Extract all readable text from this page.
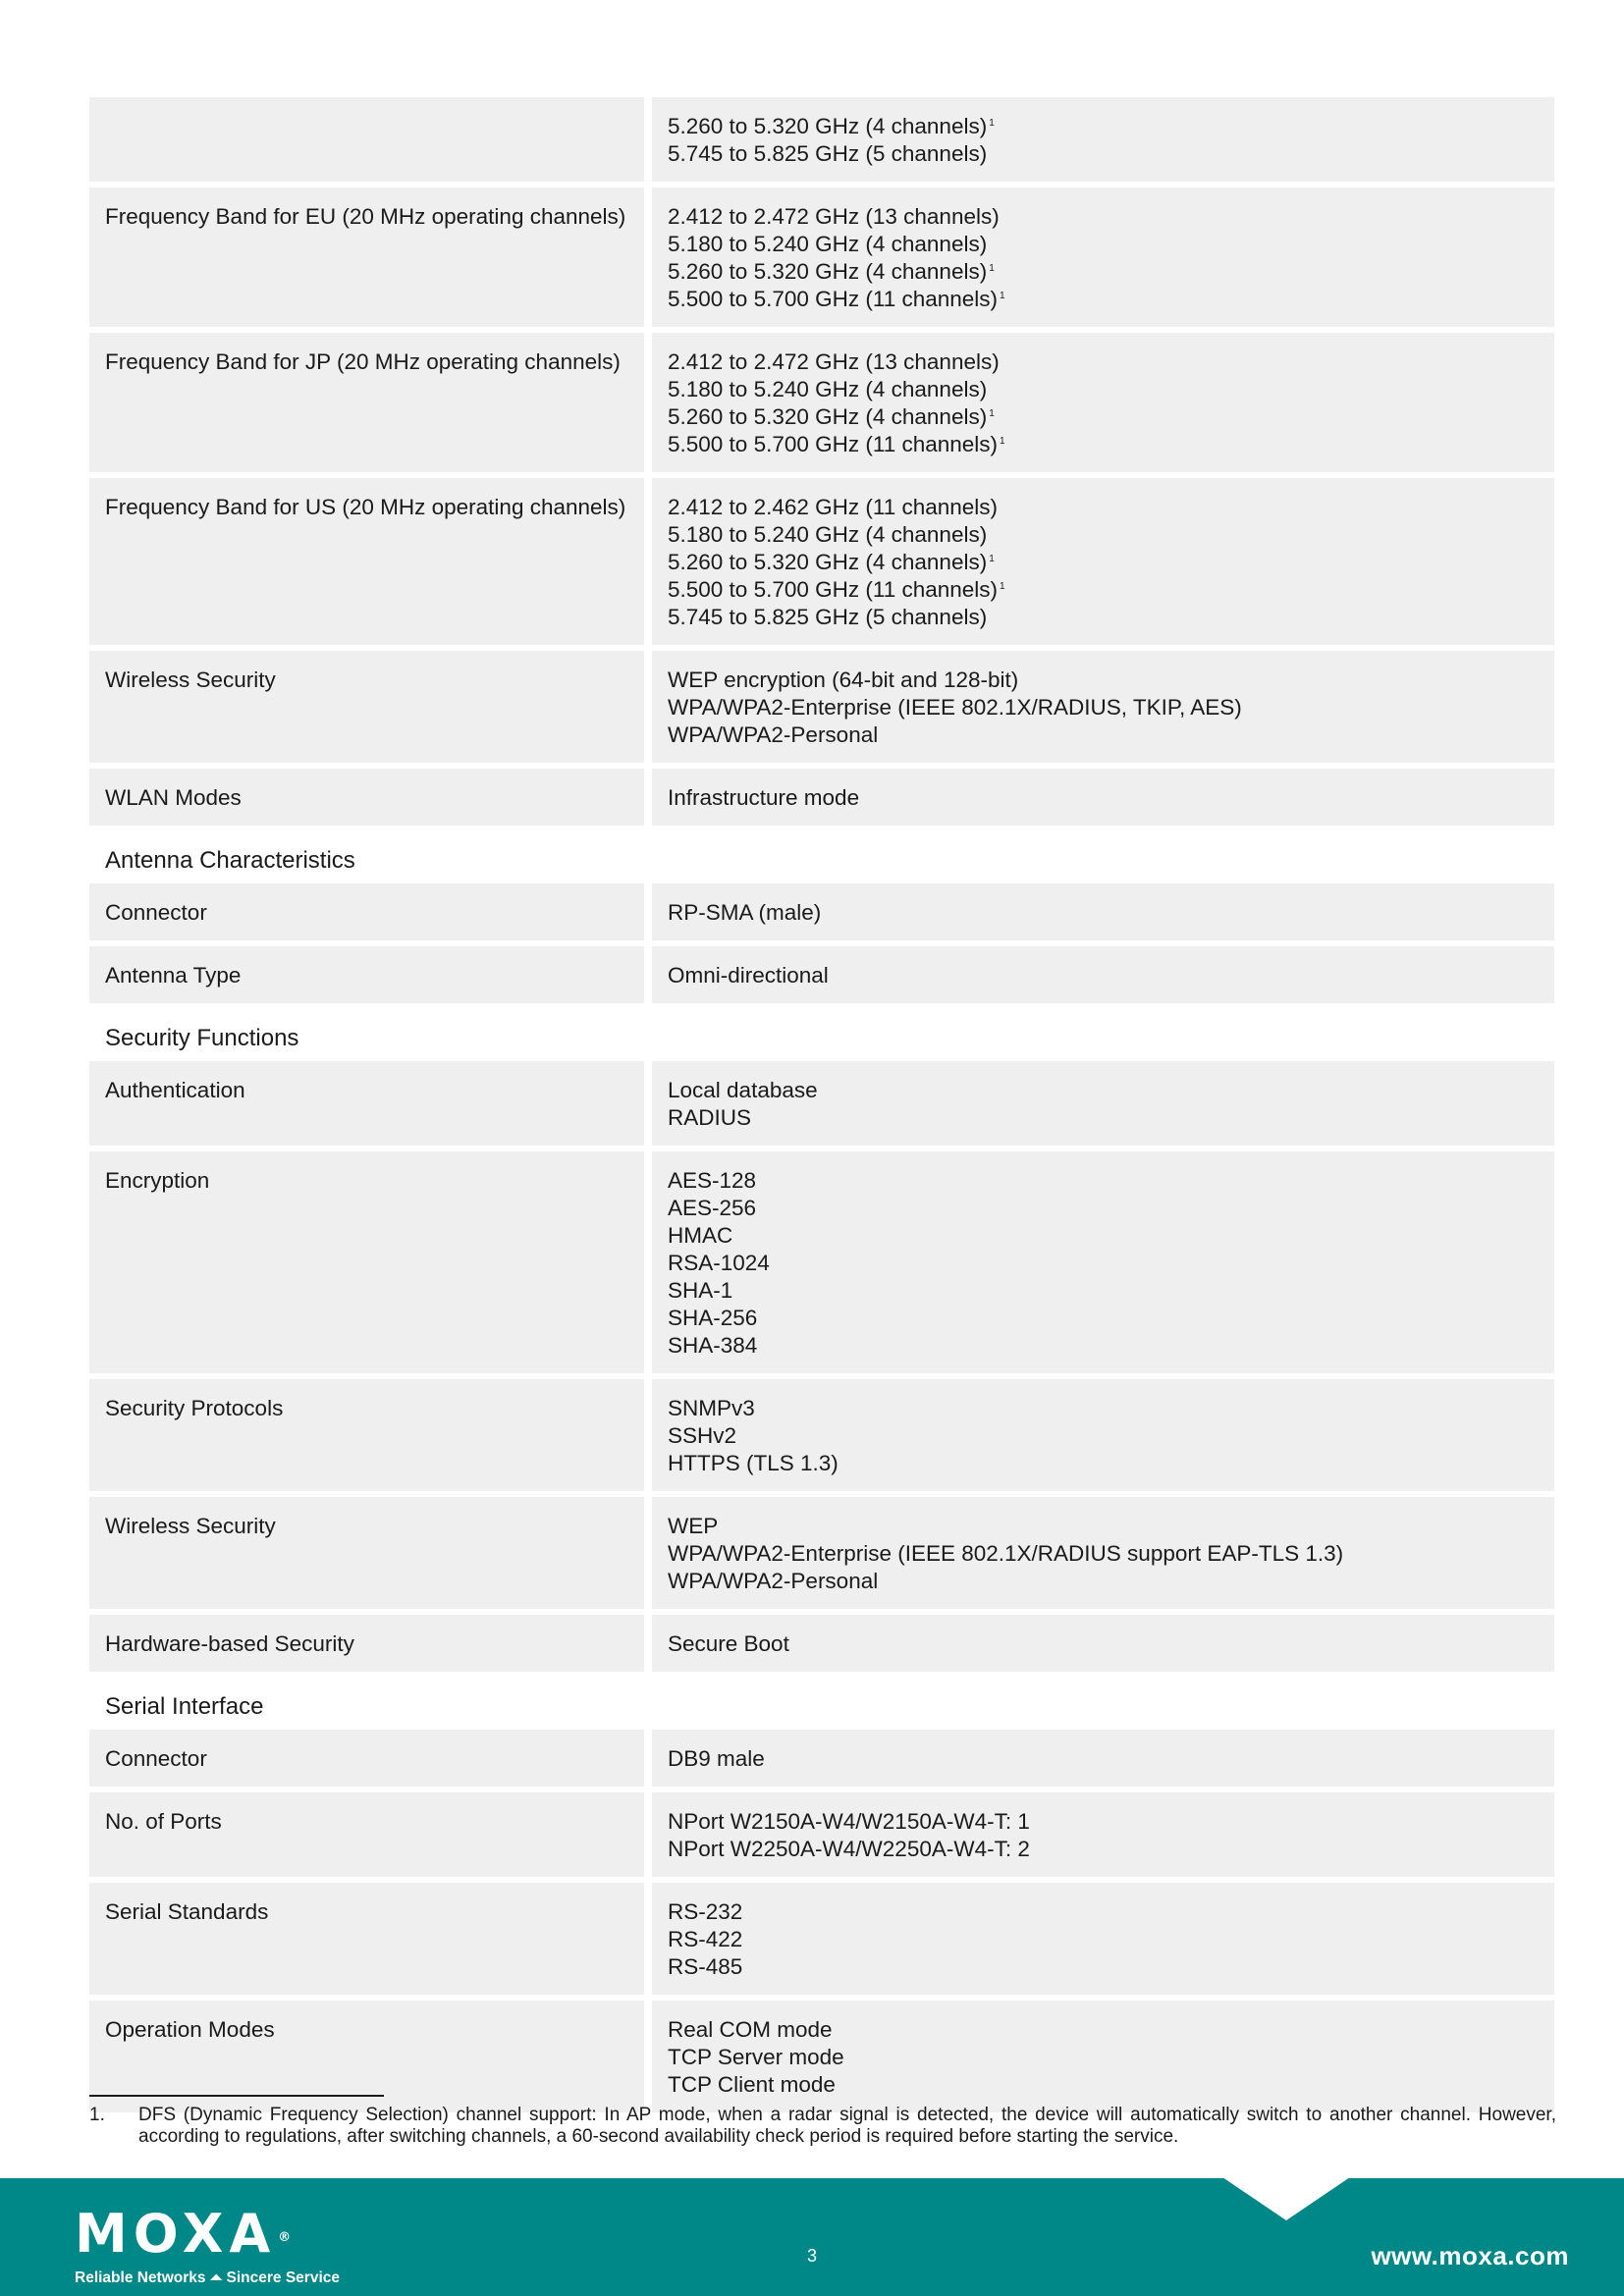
5.260 to 5.320 GHz (4 channels) $^1$
5.745 to 5.825 GHz (5 channels)
Frequency Band for EU (20 MHz operating channels)	2.412 to 2.472 GHz (13 channels)
5.180 to 5.240 GHz (4 channels)
5.260 to 5.320 GHz (4 channels) $^1$
5.500 to 5.700 GHz (11 channels) $^1$
Frequency Band for JP (20 MHz operating channels)	2.412 to 2.472 GHz (13 channels)
5.180 to 5.240 GHz (4 channels)
5.260 to 5.320 GHz (4 channels) $^1$
5.500 to 5.700 GHz (11 channels) $^1$
Frequency Band for US (20 MHz operating channels)	2.412 to 2.462 GHz (11 channels)
5.180 to 5.240 GHz (4 channels)
5.260 to 5.320 GHz (4 channels) $^1$
5.500 to 5.700 GHz (11 channels) $^1$
5.745 to 5.825 GHz (5 channels)
Wireless Security	WEP encryption (64-bit and 128-bit)
WPA/WPA2-Enterprise (IEEE 802.1X/RADIUS, TKIP, AES)
WPA/WPA2-Personal
WLAN Modes	Infrastructure mode
Antenna Characteristics
Connector	RP-SMA (male)
Antenna Type	Omni-directional
Security Functions
Authentication	Local database
RADIUS
Encryption	AES-128
AES-256
HMAC
RSA-1024
SHA-1
SHA-256
SHA-384
Security Protocols	SNMPv3
SSHv2
HTTPS (TLS 1.3)
Wireless Security	WEP
WPA/WPA2-Enterprise (IEEE 802.1X/RADIUS support EAP-TLS 1.3)
WPA/WPA2-Personal
Hardware-based Security	Secure Boot
Serial Interface
Connector	DB9 male
No. of Ports	NPort W2150A-W4/W2150A-W4-T: 1
NPort W2250A-W4/W2250A-W4-T: 2
Serial Standards	RS-232
RS-422
RS-485
Operation Modes	Real COM mode
TCP Server mode
TCP Client mode
1.	DFS (Dynamic Frequency Selection) channel support: In AP mode, when a radar signal is detected, the device will automatically switch to another channel. However, according to regulations, after switching channels, a 60-second availability check period is required before starting the service.
MOXA ®
Reliable Networks ⏶ Sincere Service
3	www.moxa.com
